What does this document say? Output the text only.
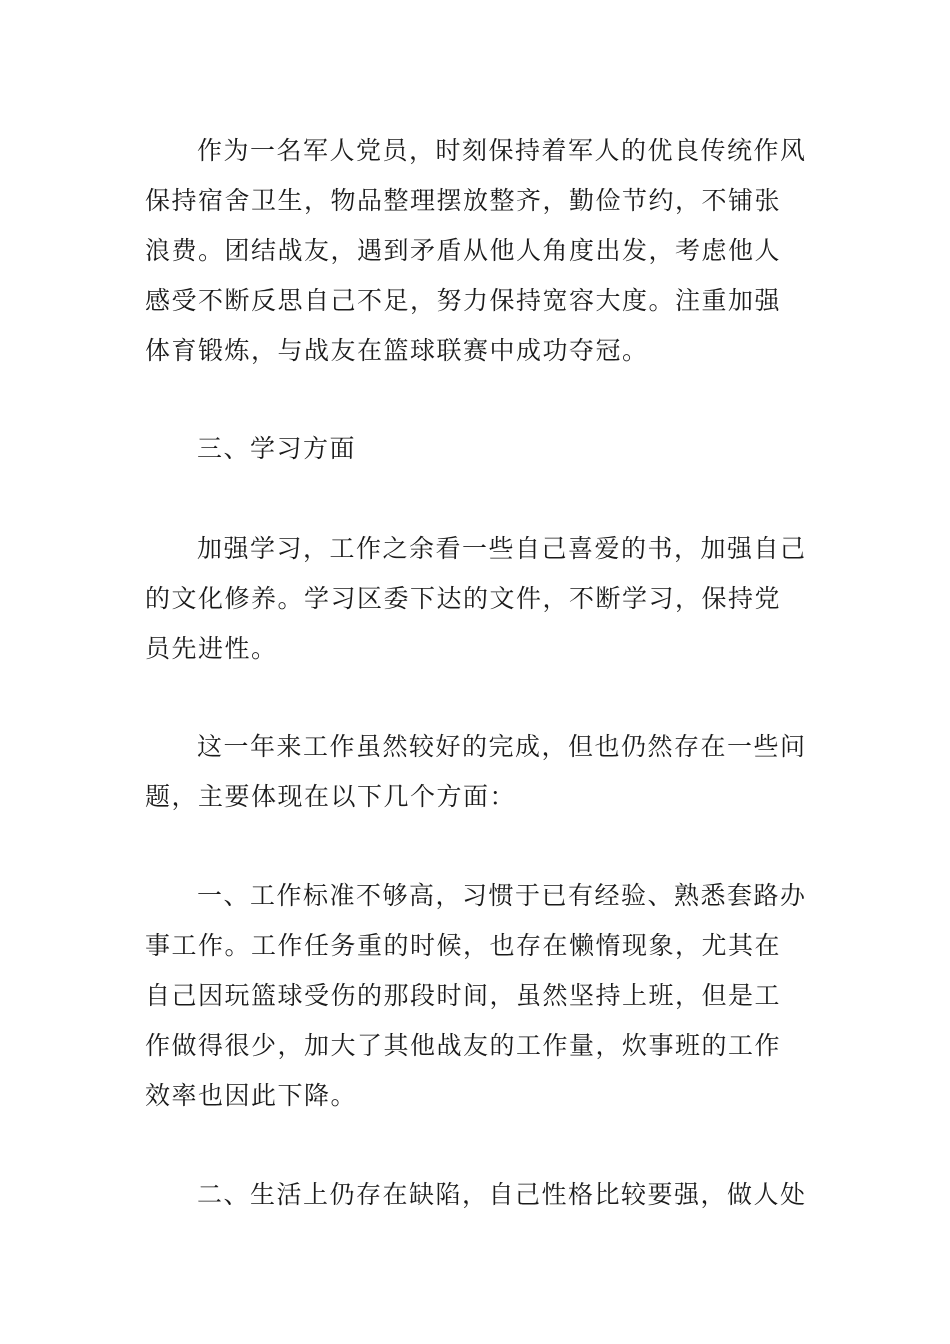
作为一名军人党员，时刻保持着军人的优良传统作风保持宿舍卫生，物品整理摆放整齐，勤俭节约，不铺张浪费。团结战友，遇到矛盾从他人角度出发，考虑他人感受不断反思自己不足，努力保持宽容大度。注重加强体育锻炼，与战友在篮球联赛中成功夺冠。

三、学习方面

加强学习，工作之余看一些自己喜爱的书，加强自己的文化修养。学习区委下达的文件，不断学习，保持党员先进性。

这一年来工作虽然较好的完成，但也仍然存在一些问题，主要体现在以下几个方面：

一、工作标准不够高，习惯于已有经验、熟悉套路办事工作。工作任务重的时候，也存在懒惰现象，尤其在自己因玩篮球受伤的那段时间，虽然坚持上班，但是工作做得很少，加大了其他战友的工作量，炊事班的工作效率也因此下降。

二、生活上仍存在缺陷，自己性格比较要强，做人处
